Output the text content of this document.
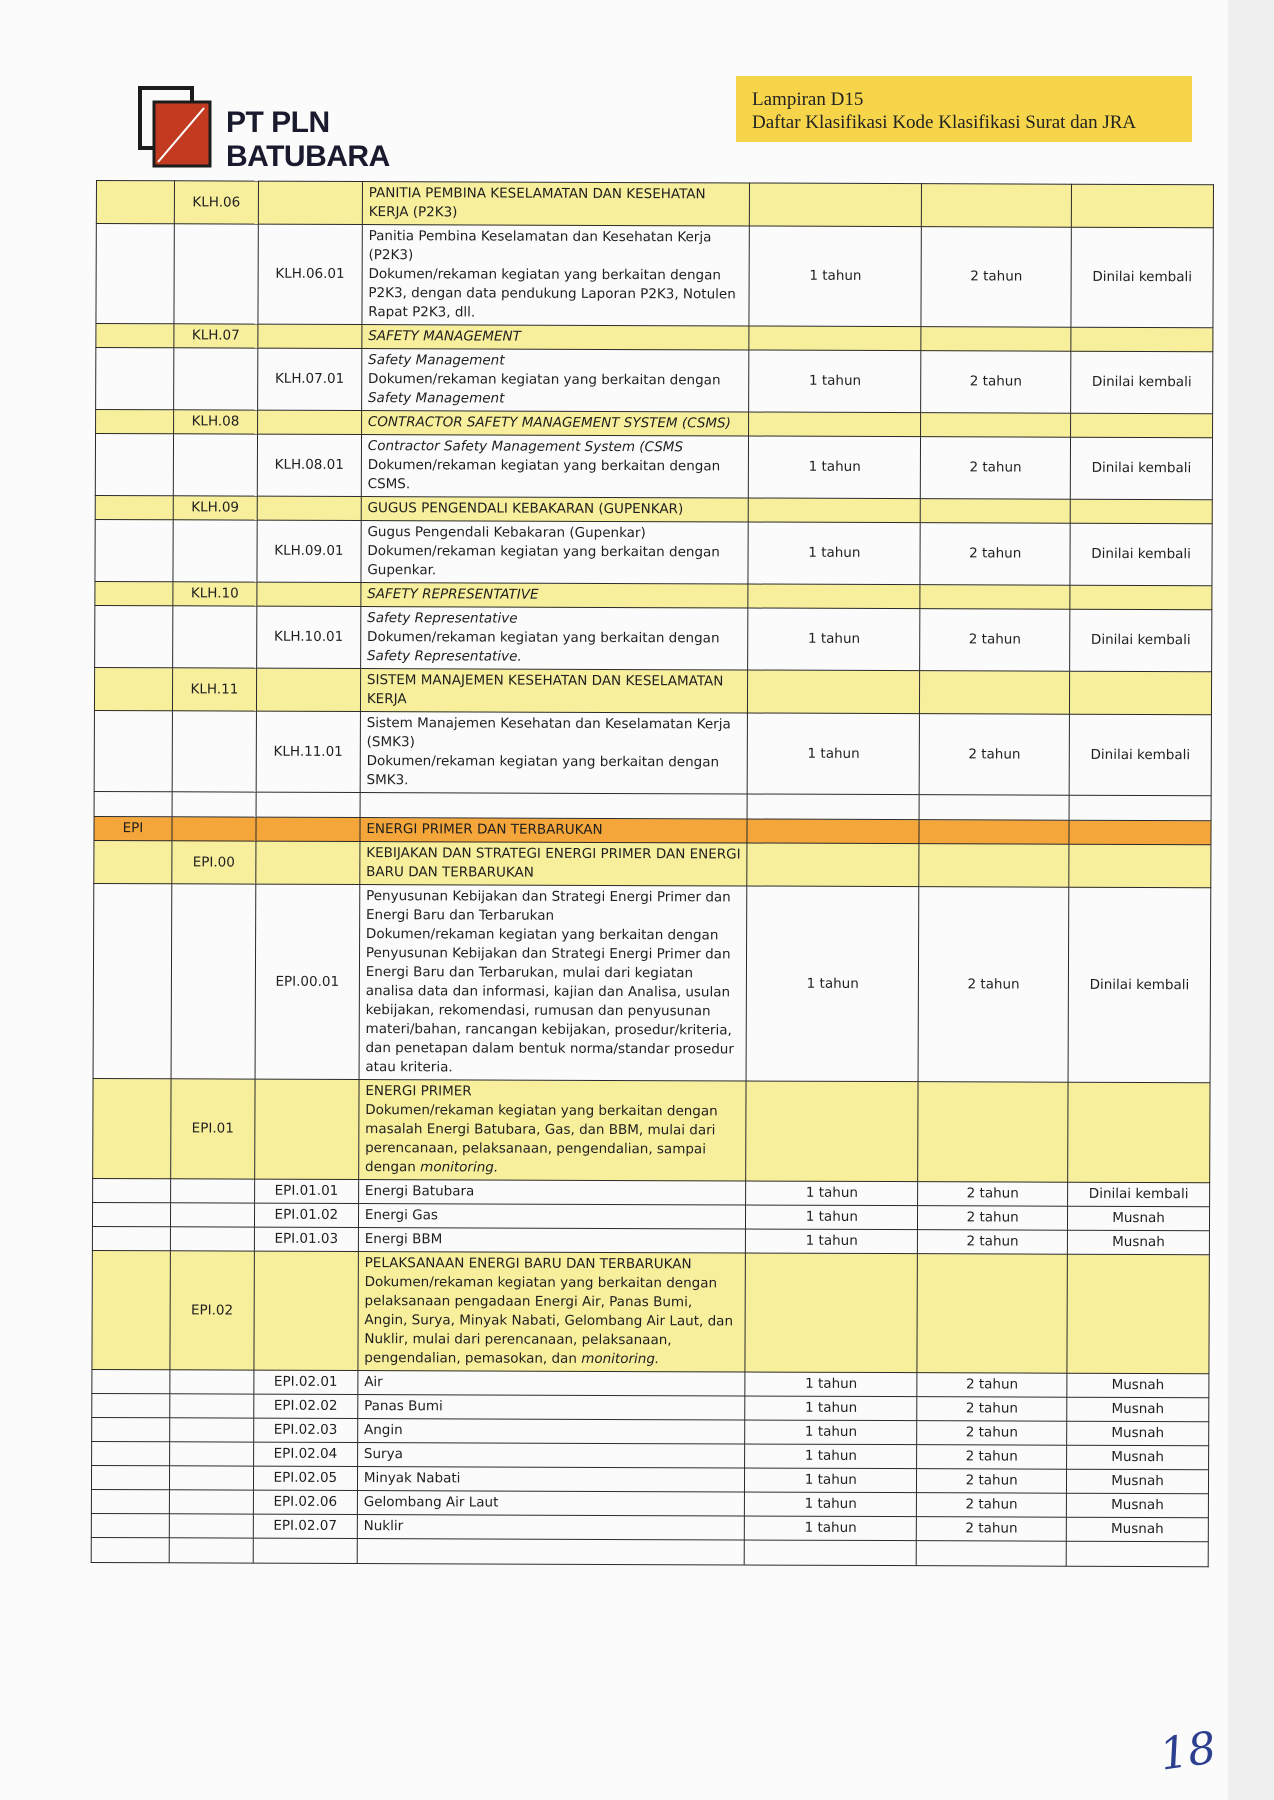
PT PLN BATUBARA
Lampiran D15
Daftar Klasifikasi Kode Klasifikasi Surat dan JRA
	KLH.06		PANITIA PEMBINA KESELAMATAN DAN KESEHATAN KERJA (P2K3)			
		KLH.06.01	Panitia Pembina Keselamatan dan Kesehatan Kerja (P2K3)
Dokumen/rekaman kegiatan yang berkaitan dengan P2K3, dengan data pendukung Laporan P2K3, Notulen Rapat P2K3, dll.	1 tahun	2 tahun	Dinilai kembali
	KLH.07		SAFETY MANAGEMENT			
		KLH.07.01	Safety Management
Dokumen/rekaman kegiatan yang berkaitan dengan
Safety Management	1 tahun	2 tahun	Dinilai kembali
	KLH.08		CONTRACTOR SAFETY MANAGEMENT SYSTEM (CSMS)			
		KLH.08.01	Contractor Safety Management System (CSMS
Dokumen/rekaman kegiatan yang berkaitan dengan CSMS.	1 tahun	2 tahun	Dinilai kembali
	KLH.09		GUGUS PENGENDALI KEBAKARAN (GUPENKAR)			
		KLH.09.01	Gugus Pengendali Kebakaran (Gupenkar)
Dokumen/rekaman kegiatan yang berkaitan dengan Gupenkar.	1 tahun	2 tahun	Dinilai kembali
	KLH.10		SAFETY REPRESENTATIVE			
		KLH.10.01	Safety Representative
Dokumen/rekaman kegiatan yang berkaitan dengan
Safety Representative.	1 tahun	2 tahun	Dinilai kembali
	KLH.11		SISTEM MANAJEMEN KESEHATAN DAN KESELAMATAN KERJA			
		KLH.11.01	Sistem Manajemen Kesehatan dan Keselamatan Kerja (SMK3)
Dokumen/rekaman kegiatan yang berkaitan dengan SMK3.	1 tahun	2 tahun	Dinilai kembali

EPI			ENERGI PRIMER DAN TERBARUKAN			
	EPI.00		KEBIJAKAN DAN STRATEGI ENERGI PRIMER DAN ENERGI BARU DAN TERBARUKAN			
		EPI.00.01	Penyusunan Kebijakan dan Strategi Energi Primer dan Energi Baru dan Terbarukan
Dokumen/rekaman kegiatan yang berkaitan dengan Penyusunan Kebijakan dan Strategi Energi Primer dan Energi Baru dan Terbarukan, mulai dari kegiatan analisa data dan informasi, kajian dan Analisa, usulan kebijakan, rekomendasi, rumusan dan penyusunan materi/bahan, rancangan kebijakan, prosedur/kriteria, dan penetapan dalam bentuk norma/standar prosedur atau kriteria.	1 tahun	2 tahun	Dinilai kembali
	EPI.01		ENERGI PRIMER
Dokumen/rekaman kegiatan yang berkaitan dengan masalah Energi Batubara, Gas, dan BBM, mulai dari perencanaan, pelaksanaan, pengendalian, sampai dengan monitoring.			
		EPI.01.01	Energi Batubara	1 tahun	2 tahun	Dinilai kembali
		EPI.01.02	Energi Gas	1 tahun	2 tahun	Musnah
		EPI.01.03	Energi BBM	1 tahun	2 tahun	Musnah
	EPI.02		PELAKSANAAN ENERGI BARU DAN TERBARUKAN
Dokumen/rekaman kegiatan yang berkaitan dengan pelaksanaan pengadaan Energi Air, Panas Bumi, Angin, Surya, Minyak Nabati, Gelombang Air Laut, dan Nuklir, mulai dari perencanaan, pelaksanaan, pengendalian, pemasokan, dan monitoring.			
		EPI.02.01	Air	1 tahun	2 tahun	Musnah
		EPI.02.02	Panas Bumi	1 tahun	2 tahun	Musnah
		EPI.02.03	Angin	1 tahun	2 tahun	Musnah
		EPI.02.04	Surya	1 tahun	2 tahun	Musnah
		EPI.02.05	Minyak Nabati	1 tahun	2 tahun	Musnah
		EPI.02.06	Gelombang Air Laut	1 tahun	2 tahun	Musnah
		EPI.02.07	Nuklir	1 tahun	2 tahun	Musnah

18
